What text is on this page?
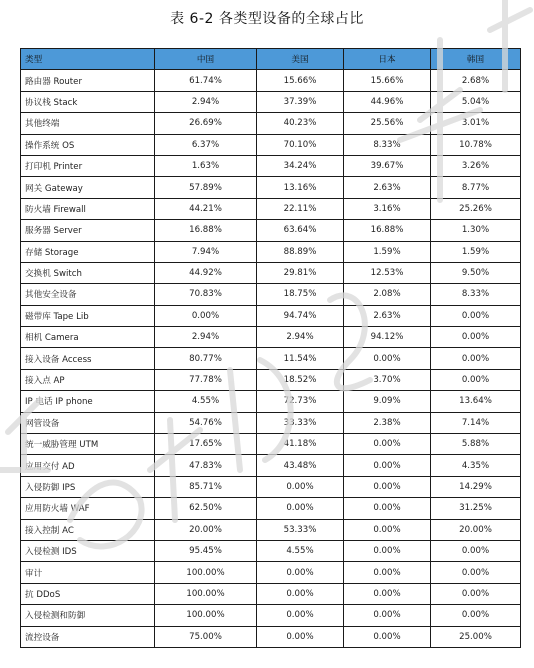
表 6-2 各类型设备的全球占比
类型	中国	美国	日本	韩国
路由器 Router	61.74%	15.66%	15.66%	2.68%
协议栈 Stack	2.94%	37.39%	44.96%	5.04%
其他终端	26.69%	40.23%	25.56%	3.01%
操作系统 OS	6.37%	70.10%	8.33%	10.78%
打印机 Printer	1.63%	34.24%	39.67%	3.26%
网关 Gateway	57.89%	13.16%	2.63%	8.77%
防火墙 Firewall	44.21%	22.11%	3.16%	25.26%
服务器 Server	16.88%	63.64%	16.88%	1.30%
存储 Storage	7.94%	88.89%	1.59%	1.59%
交换机 Switch	44.92%	29.81%	12.53%	9.50%
其他安全设备	70.83%	18.75%	2.08%	8.33%
磁带库 Tape Lib	0.00%	94.74%	2.63%	0.00%
相机 Camera	2.94%	2.94%	94.12%	0.00%
接入设备 Access	80.77%	11.54%	0.00%	0.00%
接入点 AP	77.78%	18.52%	3.70%	0.00%
IP 电话 IP phone	4.55%	72.73%	9.09%	13.64%
网管设备	54.76%	33.33%	2.38%	7.14%
统一威胁管理 UTM	17.65%	41.18%	0.00%	5.88%
应用交付 AD	47.83%	43.48%	0.00%	4.35%
入侵防御 IPS	85.71%	0.00%	0.00%	14.29%
应用防火墙 WAF	62.50%	0.00%	0.00%	31.25%
接入控制 AC	20.00%	53.33%	0.00%	20.00%
入侵检测 IDS	95.45%	4.55%	0.00%	0.00%
审计	100.00%	0.00%	0.00%	0.00%
抗 DDoS	100.00%	0.00%	0.00%	0.00%
入侵检测和防御	100.00%	0.00%	0.00%	0.00%
流控设备	75.00%	0.00%	0.00%	25.00%
